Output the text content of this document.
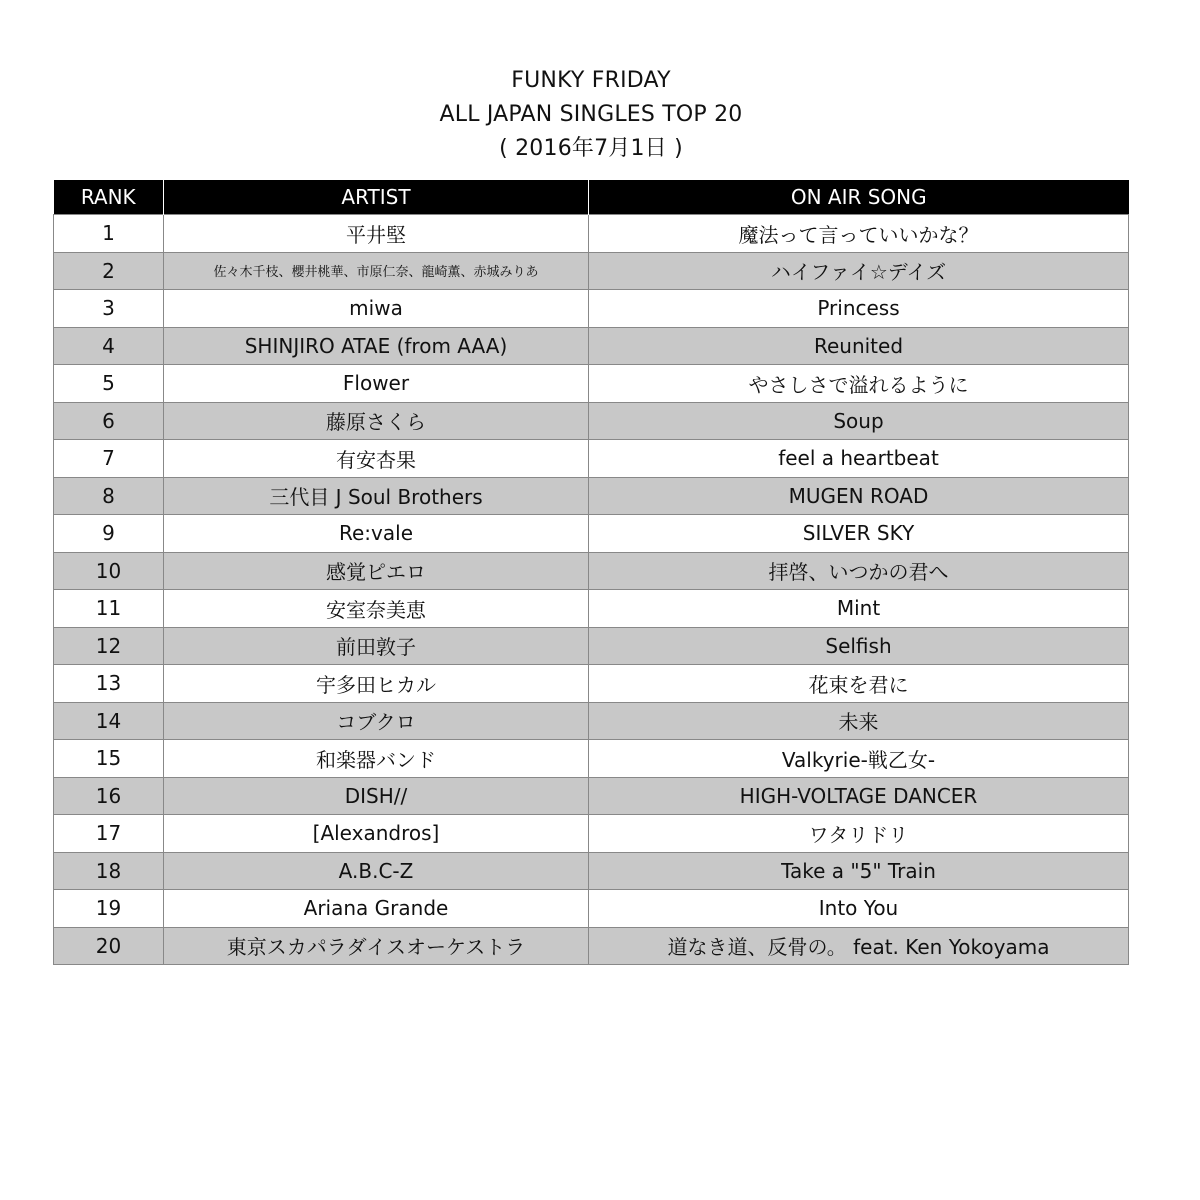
FUNKY FRIDAY
ALL JAPAN SINGLES TOP 20
( 2016年7月1日 )
RANK	ARTIST	ON AIR SONG
1	平井堅	魔法って言っていいかな？
2	佐々木千枝、櫻井桃華、市原仁奈、龍崎薫、赤城みりあ	ハイファイ☆デイズ
3	miwa	Princess
4	SHINJIRO ATAE (from AAA)	Reunited
5	Flower	やさしさで溢れるように
6	藤原さくら	Soup
7	有安杏果	feel a heartbeat
8	三代目 J Soul Brothers	MUGEN ROAD
9	Re:vale	SILVER SKY
10	感覚ピエロ	拝啓、いつかの君へ
11	安室奈美恵	Mint
12	前田敦子	Selfish
13	宇多田ヒカル	花束を君に
14	コブクロ	未来
15	和楽器バンド	Valkyrie-戦乙女-
16	DISH//	HIGH-VOLTAGE DANCER
17	[Alexandros]	ワタリドリ
18	A.B.C-Z	Take a "5" Train
19	Ariana Grande	Into You
20	東京スカパラダイスオーケストラ	道なき道、反骨の。 feat. Ken Yokoyama
